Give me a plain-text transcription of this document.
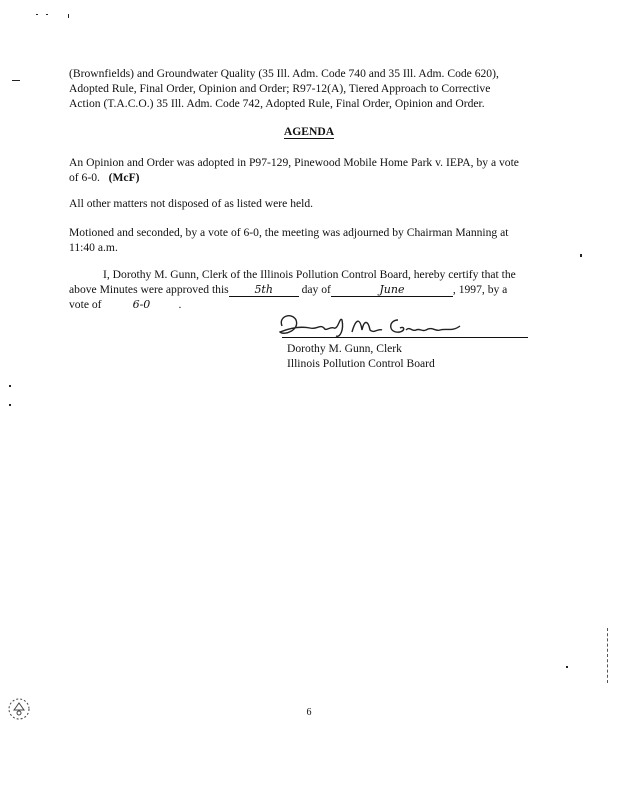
(Brownfields) and Groundwater Quality (35 Ill. Adm. Code 740 and 35 Ill. Adm. Code 620),
Adopted Rule, Final Order, Opinion and Order; R97-12(A), Tiered Approach to Corrective
Action (T.A.C.O.) 35 Ill. Adm. Code 742, Adopted Rule, Final Order, Opinion and Order.
AGENDA
An Opinion and Order was adopted in P97-129, Pinewood Mobile Home Park v. IEPA, by a vote
of 6-0. (McF)
All other matters not disposed of as listed were held.
Motioned and seconded, by a vote of 6-0, the meeting was adjourned by Chairman Manning at
11:40 a.m.
I, Dorothy M. Gunn, Clerk of the Illinois Pollution Control Board, hereby certify that the
above Minutes were approved this 5th day of	June	, 1997, by a
vote of	6-0 .
Dorothy M. Gunn, Clerk
Illinois Pollution Control Board
6
